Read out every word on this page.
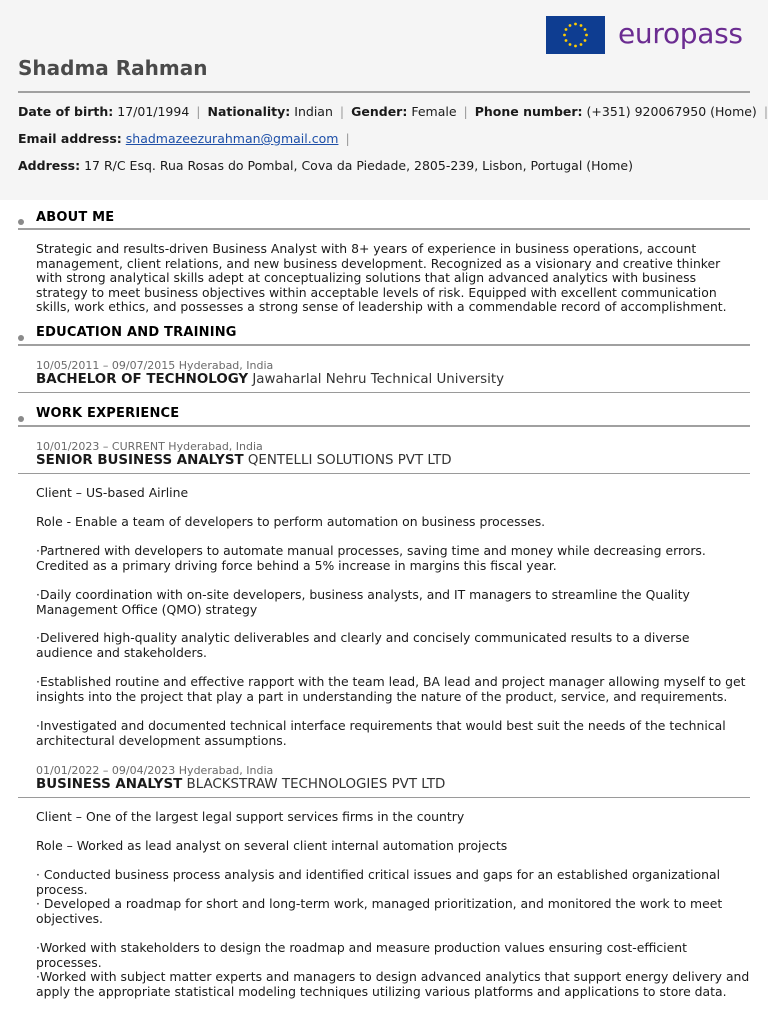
europass
Shadma Rahman
Date of birth: 17/01/1994 | Nationality: Indian | Gender: Female | Phone number: (+351) 920067950 (Home) |
Email address: shadmazeezurahman@gmail.com |
Address: 17 R/C Esq. Rua Rosas do Pombal, Cova da Piedade, 2805-239, Lisbon, Portugal (Home)
ABOUT ME

Strategic and results-driven Business Analyst with 8+ years of experience in business operations, account management, client relations, and new business development. Recognized as a visionary and creative thinker with strong analytical skills adept at conceptualizing solutions that align advanced analytics with business strategy to meet business objectives within acceptable levels of risk. Equipped with excellent communication skills, work ethics, and possesses a strong sense of leadership with a commendable record of accomplishment.

EDUCATION AND TRAINING
10/05/2011 – 09/07/2015 Hyderabad, India
BACHELOR OF TECHNOLOGY Jawaharlal Nehru Technical University
WORK EXPERIENCE
10/01/2023 – CURRENT Hyderabad, India
SENIOR BUSINESS ANALYST QENTELLI SOLUTIONS PVT LTD

Client – US-based Airline

Role - Enable a team of developers to perform automation on business processes.

·Partnered with developers to automate manual processes, saving time and money while decreasing errors. Credited as a primary driving force behind a 5% increase in margins this fiscal year.

·Daily coordination with on-site developers, business analysts, and IT managers to streamline the Quality Management Office (QMO) strategy

·Delivered high-quality analytic deliverables and clearly and concisely communicated results to a diverse audience and stakeholders.

·Established routine and effective rapport with the team lead, BA lead and project manager allowing myself to get insights into the project that play a part in understanding the nature of the product, service, and requirements.

·Investigated and documented technical interface requirements that would best suit the needs of the technical architectural development assumptions.

01/01/2022 – 09/04/2023 Hyderabad, India
BUSINESS ANALYST BLACKSTRAW TECHNOLOGIES PVT LTD

Client – One of the largest legal support services firms in the country

Role – Worked as lead analyst on several client internal automation projects

· Conducted business process analysis and identified critical issues and gaps for an established organizational process.

· Developed a roadmap for short and long-term work, managed prioritization, and monitored the work to meet objectives.

·Worked with stakeholders to design the roadmap and measure production values ensuring cost-efficient processes.

·Worked with subject matter experts and managers to design advanced analytics that support energy delivery and apply the appropriate statistical modeling techniques utilizing various platforms and applications to store data.
